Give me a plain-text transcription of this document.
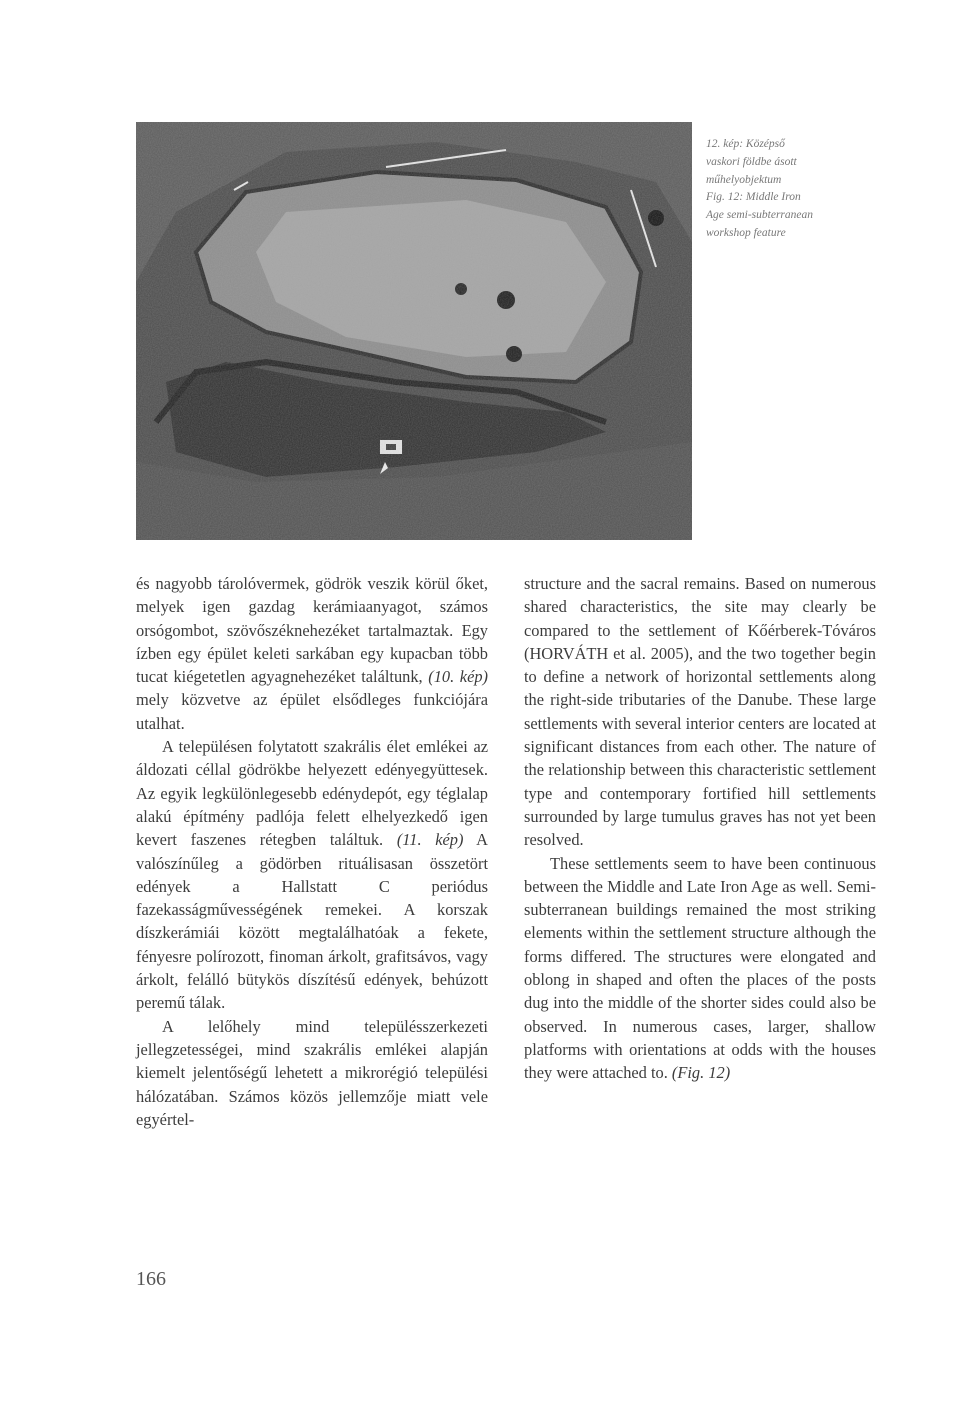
12. kép: Középső

vaskori földbe ásott

műhelyobjektum

Fig. 12: Middle Iron

Age semi-subterranean

workshop feature

és nagyobb tárolóvermek, gödrök veszik körül őket, melyek igen gazdag kerámiaanyagot, számos orsógombot, szövőszéknehezéket tartalmaztak. Egy ízben egy épület keleti sarkában egy kupacban több tucat kiégetetlen agyagnehezéket találtunk, (10. kép) mely közvetve az épület elsődleges funkciójára utalhat.

A településen folytatott szakrális élet emlékei az áldozati céllal gödrökbe helyezett edényegyüttesek. Az egyik legkülönlegesebb edénydepót, egy téglalap alakú építmény padlója felett elhelyezkedő igen kevert faszenes rétegben találtuk. (11. kép) A valószínűleg a gödörben rituálisasan összetört edények a Hallstatt C periódus fazekasságművességének remekei. A korszak díszkerámiái között megtalálhatóak a fekete, fényesre polírozott, finoman árkolt, grafitsávos, vagy árkolt, felálló bütykös díszítésű edények, behúzott peremű tálak.

A lelőhely mind településszerkezeti jellegzetességei, mind szakrális emlékei alapján kiemelt jelentőségű lehetett a mikrorégió települési hálózatában. Számos közös jellemzője miatt vele egyértel-

structure and the sacral remains. Based on numerous shared characteristics, the site may clearly be compared to the settlement of Kőérberek-Tóváros (HORVÁTH et al. 2005), and the two together begin to define a network of horizontal settlements along the right-side tributaries of the Danube. These large settlements with several interior centers are located at significant distances from each other. The nature of the relationship between this characteristic settlement type and contemporary fortified hill settlements surrounded by large tumulus graves has not yet been resolved.

These settlements seem to have been continuous between the Middle and Late Iron Age as well. Semi-subterranean buildings remained the most striking elements within the settlement structure although the forms differed. The structures were elongated and oblong in shaped and often the places of the posts dug into the middle of the shorter sides could also be observed. In numerous cases, larger, shallow platforms with orientations at odds with the houses they were attached to. (Fig. 12)

166
